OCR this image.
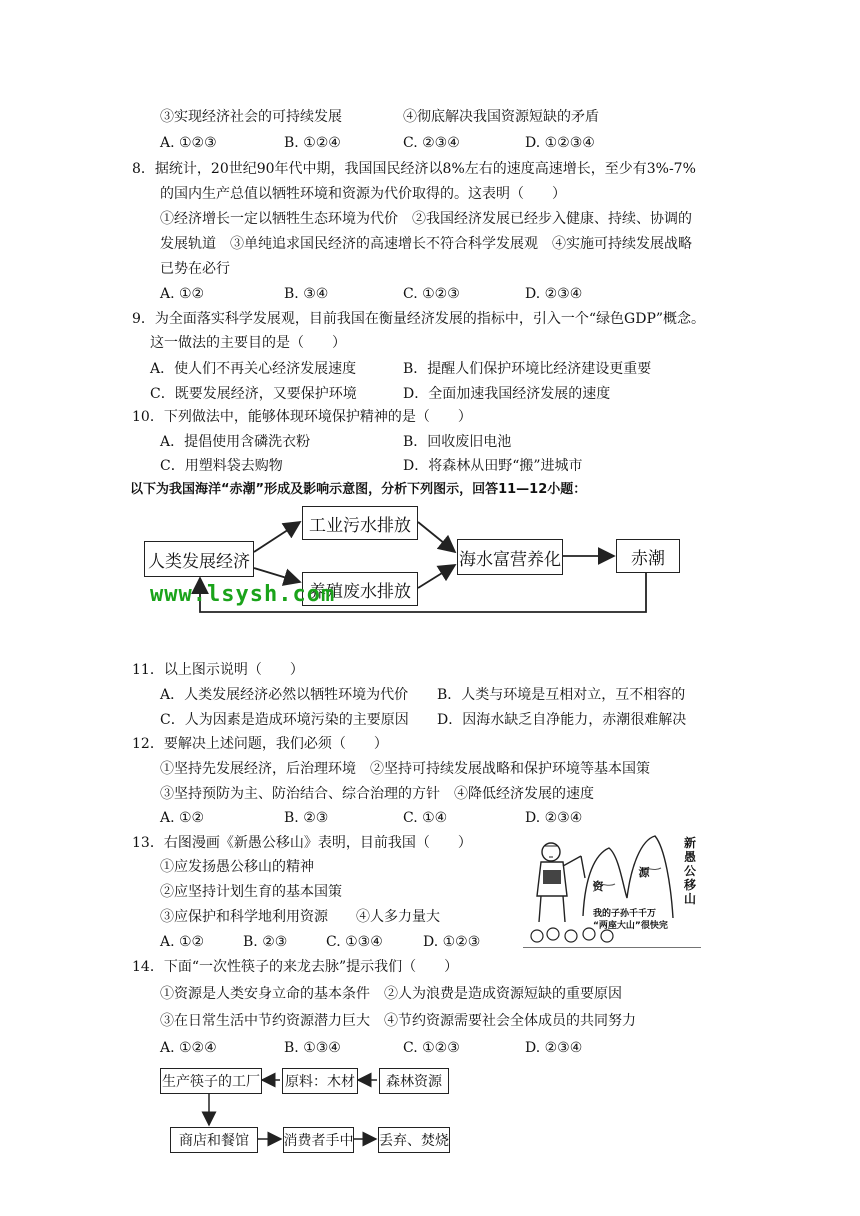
③实现经济社会的可持续发展	④彻底解决我国资源短缺的矛盾
A. ①②③	B. ①②④	C. ②③④	D. ①②③④
8．据统计，20世纪90年代中期，我国国民经济以8%左右的速度高速增长，至少有3%-7%
的国内生产总值以牺牲环境和资源为代价取得的。这表明（　　）
①经济增长一定以牺牲生态环境为代价　②我国经济发展已经步入健康、持续、协调的
发展轨道　③单纯追求国民经济的高速增长不符合科学发展观　④实施可持续发展战略
已势在必行
A. ①②	B. ③④	C. ①②③	D. ②③④
9．为全面落实科学发展观，目前我国在衡量经济发展的指标中，引入一个“绿色GDP”概念。
这一做法的主要目的是（　　）
A．使人们不再关心经济发展速度	B．提醒人们保护环境比经济建设更重要
C．既要发展经济，又要保护环境	D．全面加速我国经济发展的速度
10．下列做法中，能够体现环境保护精神的是（　　）
A．提倡使用含磷洗衣粉	B．回收废旧电池
C．用塑料袋去购物	D．将森林从田野“搬”进城市
以下为我国海洋“赤潮”形成及影响示意图，分析下列图示，回答11—12小题：
人类发展经济
工业污水排放
养殖废水排放
海水富营养化	赤潮
www.lsysh.com
11．以上图示说明（　　）
A．人类发展经济必然以牺牲环境为代价 B．人类与环境是互相对立，互不相容的
C．人为因素是造成环境污染的主要原因 D．因海水缺乏自净能力，赤潮很难解决
12．要解决上述问题，我们必须（　　）
①坚持先发展经济，后治理环境　②坚持可持续发展战略和保护环境等基本国策
③坚持预防为主、防治结合、综合治理的方针　④降低经济发展的速度
A. ①②	B. ②③	C. ①④	D. ②③④
13．右图漫画《新愚公移山》表明，目前我国（　　）
①应发扬愚公移山的精神
②应坚持计划生育的基本国策
③应保护和科学地利用资源　　④人多力量大
A. ①②	B. ②③	C. ①③④	D. ①②③
资
源
新愚公移山
我的子孙千千万
“两座大山”很快完
14．下面“一次性筷子的来龙去脉”提示我们（　　）
①资源是人类安身立命的基本条件　②人为浪费是造成资源短缺的重要原因
③在日常生活中节约资源潜力巨大　④节约资源需要社会全体成员的共同努力
A. ①②④	B. ①③④	C. ①②③	D. ②③④
生产筷子的工厂 原料：木材	森林资源
商店和餐馆	消费者手中 丢弃、焚烧
